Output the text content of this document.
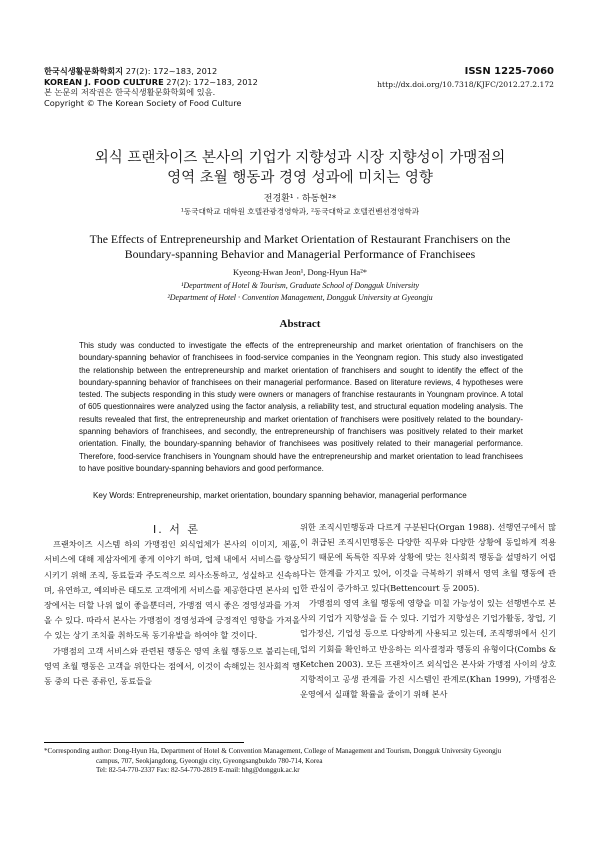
한국식생활문화학회지 27(2): 172~183, 2012
KOREAN J. FOOD CULTURE 27(2): 172~183, 2012
본 논문의 저작권은 한국식생활문화학회에 있음.
Copyright © The Korean Society of Food Culture
ISSN 1225-7060
http://dx.doi.org/10.7318/KJFC/2012.27.2.172
외식 프랜차이즈 본사의 기업가 지향성과 시장 지향성이 가맹점의
영역 초월 행동과 경영 성과에 미치는 영향
전경환¹ · 하동현²*
¹동국대학교 대학원 호텔관광경영학과, ²동국대학교 호텔컨벤션경영학과
The Effects of Entrepreneurship and Market Orientation of Restaurant Franchisers on the
Boundary-spanning Behavior and Managerial Performance of Franchisees
Kyeong-Hwan Jeon¹, Dong-Hyun Ha²*
¹Department of Hotel & Tourism, Graduate School of Dongguk University
²Department of Hotel · Convention Management, Dongguk University at Gyeongju
Abstract
This study was conducted to investigate the effects of the entrepreneurship and market orientation of franchisers on the boundary-spanning behavior of franchisees in food-service companies in the Yeongnam region. This study also investigated the relationship between the entrepreneurship and market orientation of franchisers and sought to identify the effect of the boundary-spanning behavior of franchisees on their managerial performance. Based on literature reviews, 4 hypotheses were tested. The subjects responding in this study were owners or managers of franchise restaurants in Youngnam province. A total of 605 questionnaires were analyzed using the factor analysis, a reliability test, and structural equation modeling analysis. The results revealed that first, the entrepreneurship and market orientation of franchisers were positively related to the boundary-spanning behaviors of franchisees, and secondly, the entrepreneurship of franchisers was positively related to their market orientation. Finally, the boundary-spanning behavior of franchisees was positively related to their managerial performance. Therefore, food-service franchisers in Youngnam should have the entrepreneurship and market orientation to lead franchisees to have positive boundary-spanning behaviors and good performance.
Key Words: Entrepreneurship, market orientation, boundary spanning behavior, managerial performance

I. 서 론

프랜차이즈 시스템 하의 가맹점인 외식업체가 본사의 이미지, 제품, 서비스에 대해 제삼자에게 좋게 이야기 하며, 업체 내에서 서비스를 향상시키기 위해 조직, 동료들과 주도적으로 의사소통하고, 성실하고 신속하며, 유연하고, 예의바른 태도로 고객에게 서비스를 제공한다면 본사의 입장에서는 더할 나위 없이 좋을뿐더러, 가맹점 역시 좋은 경영성과를 가져올 수 있다. 따라서 본사는 가맹점이 경영성과에 긍정적인 영향을 가져올 수 있는 상기 조치를 취하도록 동기유발을 하여야 할 것이다.

가맹점의 고객 서비스와 관련된 행동은 영역 초월 행동으로 불리는데, 영역 초월 행동은 고객을 위한다는 점에서, 이것이 속해있는 친사회적 행동 중의 다른 종류인, 동료들을

위한 조직시민행동과 다르게 구분된다(Organ 1988). 선행연구에서 많이 취급된 조직시민행동은 다양한 직무와 다양한 상황에 동일하게 적용되기 때문에 독특한 직무와 상황에 맞는 친사회적 행동을 설명하기 어렵다는 한계를 가지고 있어, 이것을 극복하기 위해서 영역 초월 행동에 관한 관심이 증가하고 있다(Bettencourt 등 2005).

가맹점의 영역 초월 행동에 영향을 미칠 가능성이 있는 선행변수로 본사의 기업가 지향성을 들 수 있다. 기업가 지향성은 기업가활동, 창업, 기업가정신, 기업성 등으로 다양하게 사용되고 있는데, 조직행위에서 신기업의 기회를 확인하고 반응하는 의사결정과 행동의 유형이다(Combs & Ketchen 2003). 모든 프랜차이즈 외식업은 본사와 가맹점 사이의 상호 지향적이고 공생 관계를 가진 시스템인 관계로(Khan 1999), 가맹점은 운영에서 실패할 확률을 줄이기 위해 본사

*Corresponding author: Dong-Hyun Ha, Department of Hotel & Convention Management, College of Management and Tourism, Dongguk University Gyeongju
campus, 707, Seokjangdong, Gyeongju city, Gyeongsangbukdo 780-714, Korea
Tel: 82-54-770-2337 Fax: 82-54-770-2819 E-mail: hhg@dongguk.ac.kr
